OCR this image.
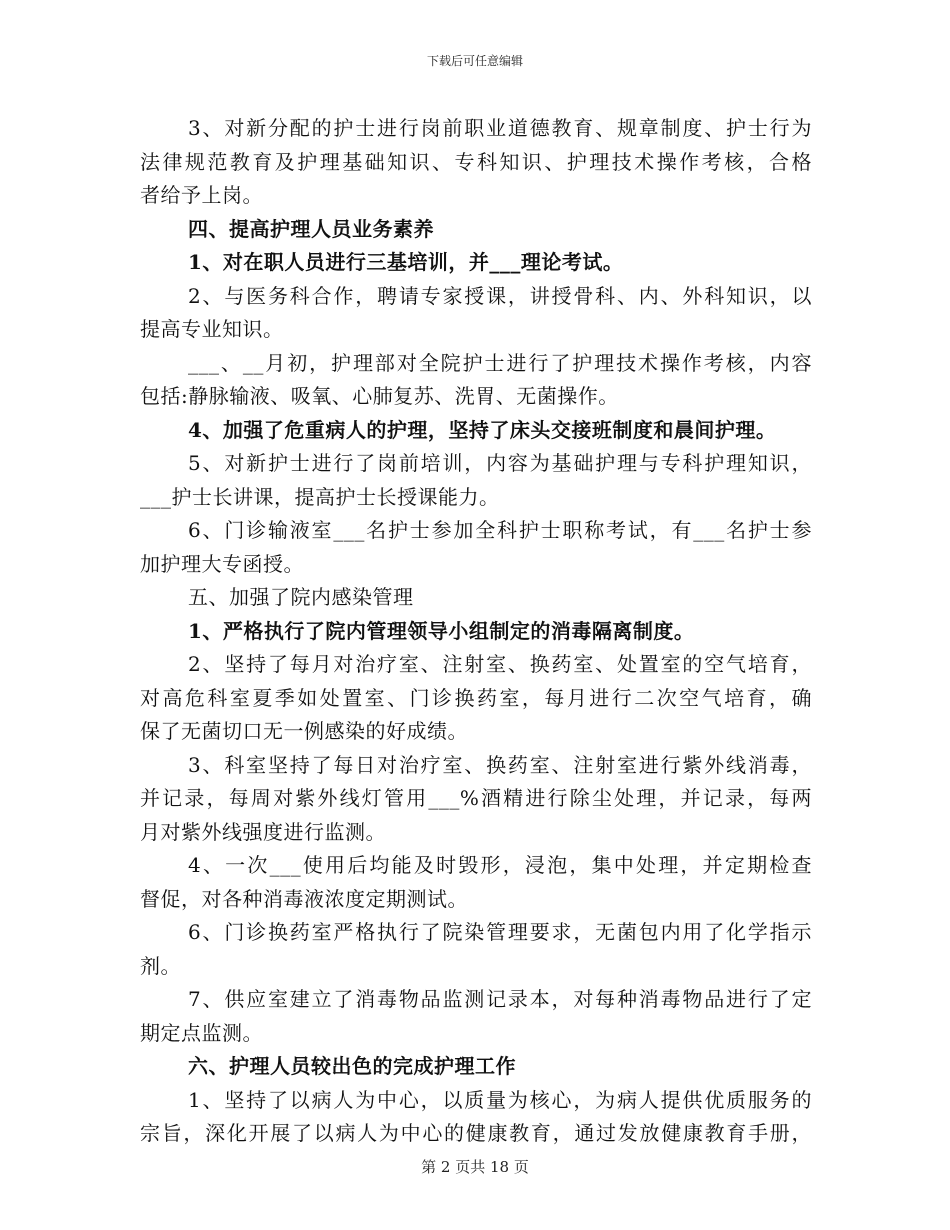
下载后可任意编辑
3、对新分配的护士进行岗前职业道德教育、规章制度、护士行为
法律规范教育及护理基础知识、专科知识、护理技术操作考核，合格
者给予上岗。
四、提高护理人员业务素养
1、对在职人员进行三基培训，并___理论考试。
2、与医务科合作，聘请专家授课，讲授骨科、内、外科知识，以
提高专业知识。
___、__月初，护理部对全院护士进行了护理技术操作考核，内容
包括:静脉输液、吸氧、心肺复苏、洗胃、无菌操作。
4、加强了危重病人的护理，坚持了床头交接班制度和晨间护理。
5、对新护士进行了岗前培训，内容为基础护理与专科护理知识，
___护士长讲课，提高护士长授课能力。
6、门诊输液室___名护士参加全科护士职称考试，有___名护士参
加护理大专函授。
五、加强了院内感染管理
1、严格执行了院内管理领导小组制定的消毒隔离制度。
2、坚持了每月对治疗室、注射室、换药室、处置室的空气培育，
对高危科室夏季如处置室、门诊换药室，每月进行二次空气培育，确
保了无菌切口无一例感染的好成绩。
3、科室坚持了每日对治疗室、换药室、注射室进行紫外线消毒，
并记录，每周对紫外线灯管用___%酒精进行除尘处理，并记录，每两
月对紫外线强度进行监测。
4、一次___使用后均能及时毁形，浸泡，集中处理，并定期检查
督促，对各种消毒液浓度定期测试。
6、门诊换药室严格执行了院染管理要求，无菌包内用了化学指示
剂。
7、供应室建立了消毒物品监测记录本，对每种消毒物品进行了定
期定点监测。
六、护理人员较出色的完成护理工作
1、坚持了以病人为中心，以质量为核心，为病人提供优质服务的
宗旨，深化开展了以病人为中心的健康教育，通过发放健康教育手册，
第 2 页共 18 页
